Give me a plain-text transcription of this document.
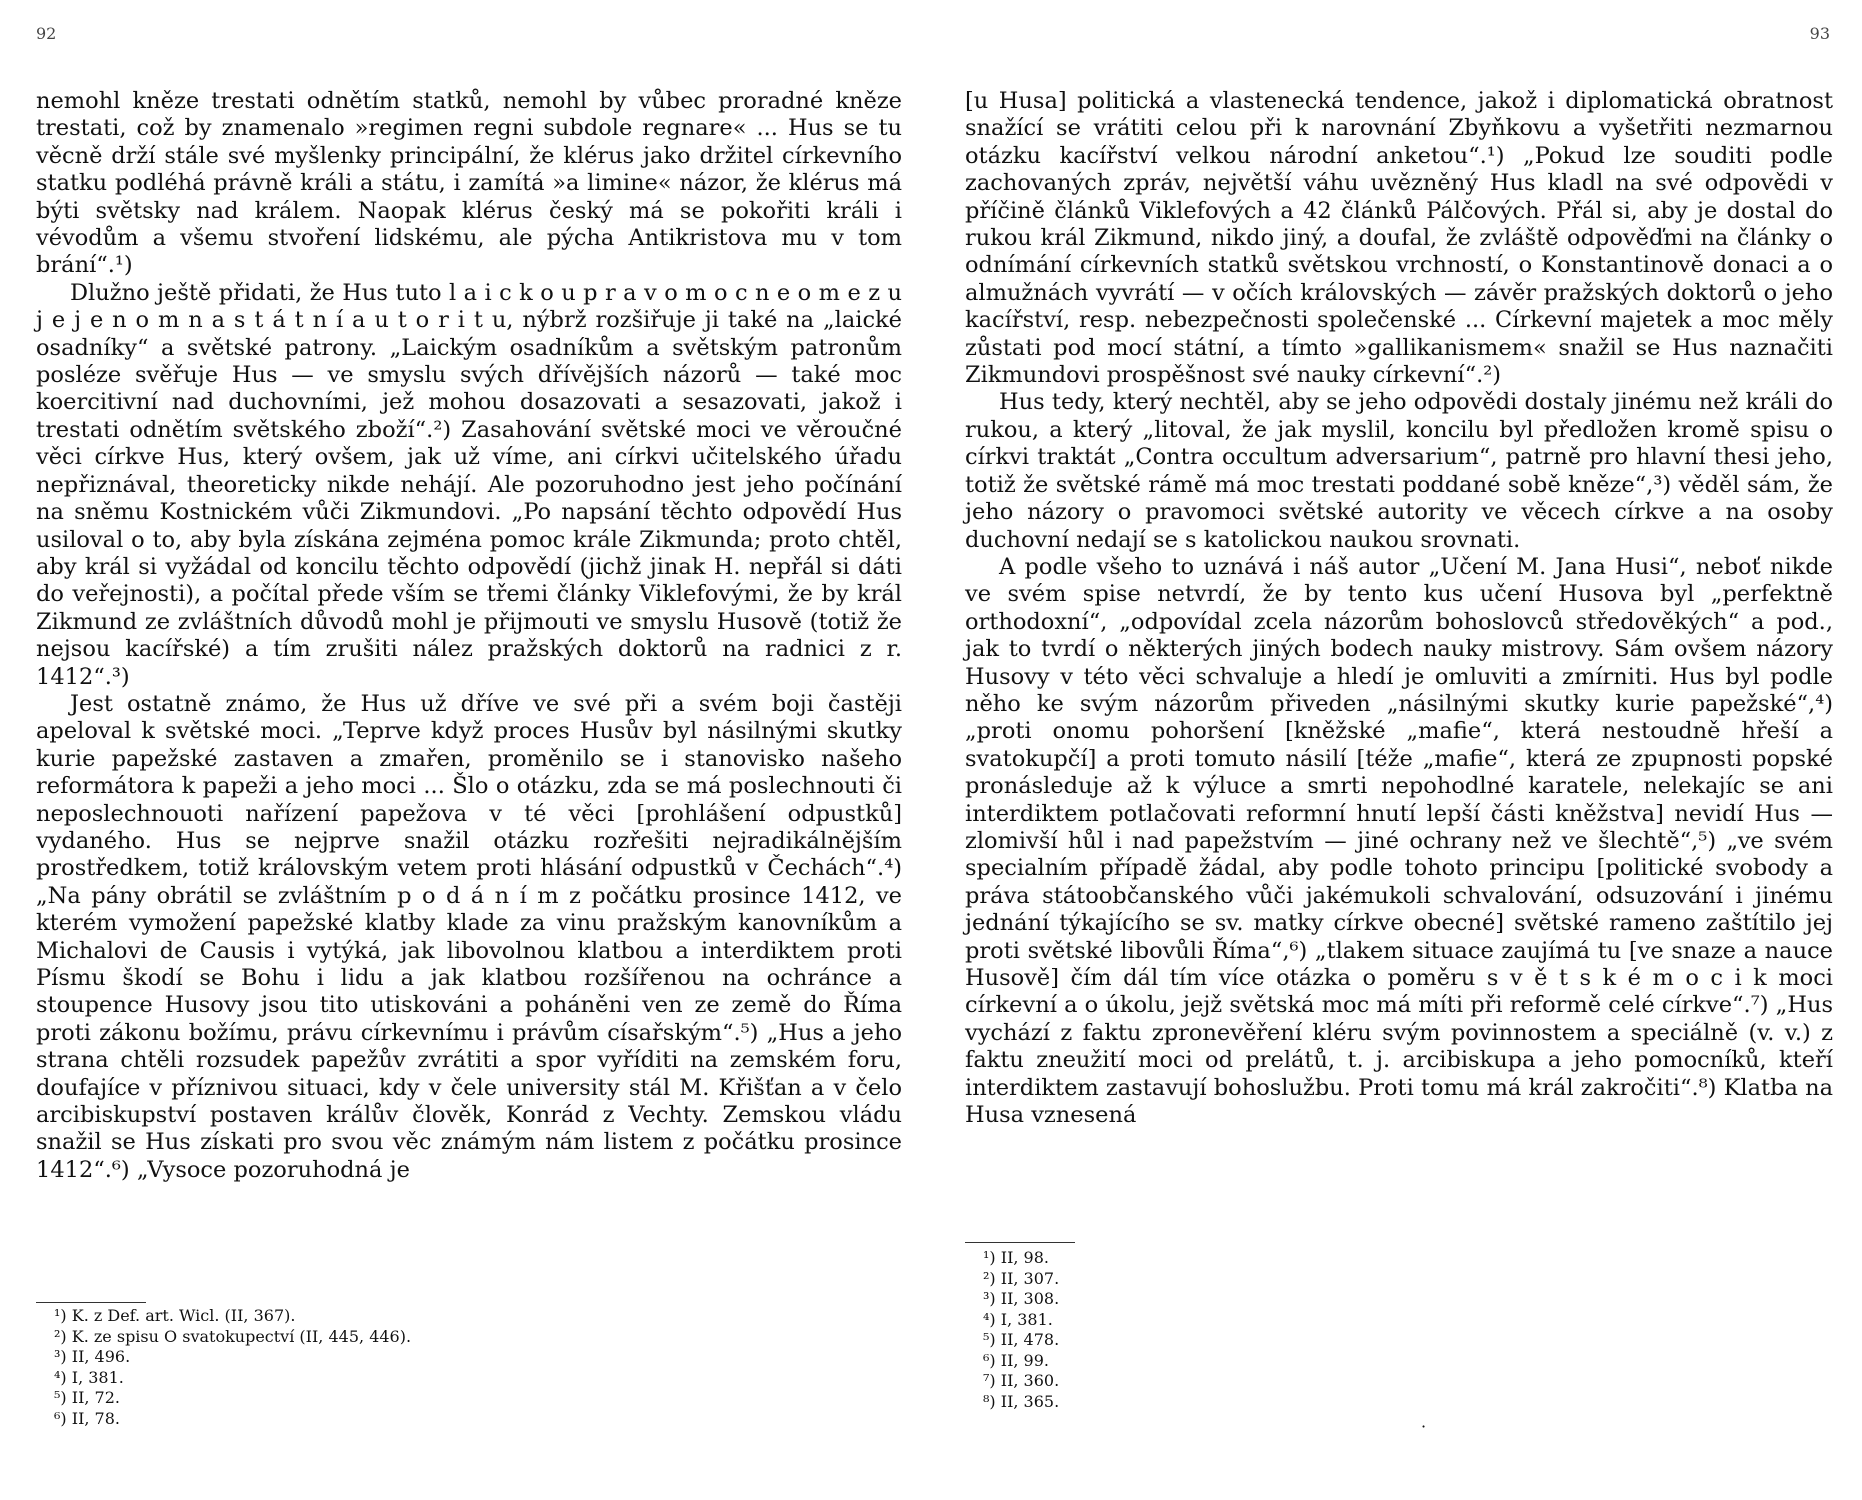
92

nemohl kněze trestati odnětím statků, nemohl by vůbec proradné kněze trestati, což by znamenalo »regimen regni subdole regnare« ... Hus se tu věcně drží stále své myšlenky principální, že klérus jako držitel církevního statku podléhá právně králi a státu, i zamítá »a limine« názor, že klérus má býti světsky nad králem. Naopak klérus český má se pokořiti králi i vévodům a všemu stvoření lidskému, ale pýcha Antikristova mu v tom brání“.¹)

Dlužno ještě přidati, že Hus tuto l a i c k o u p r a v o m o c n e o m e z u j e j e n o m n a s t á t n í a u t o r i t u, nýbrž rozšiřuje ji také na „laické osadníky“ a světské patrony. „Laickým osadníkům a světským patronům posléze svěřuje Hus — ve smyslu svých dřívějších názorů — také moc koercitivní nad duchovními, jež mohou dosazovati a sesazovati, jakož i trestati odnětím světského zboží“.²) Zasahování světské moci ve věroučné věci církve Hus, který ovšem, jak už víme, ani církvi učitelského úřadu nepřiznával, theoreticky nikde nehájí. Ale pozoruhodno jest jeho počínání na sněmu Kostnickém vůči Zikmundovi. „Po napsání těchto odpovědí Hus usiloval o to, aby byla získána zejména pomoc krále Zikmunda; proto chtěl, aby král si vyžádal od koncilu těchto odpovědí (jichž jinak H. nepřál si dáti do veřejnosti), a počítal přede vším se třemi články Viklefovými, že by král Zikmund ze zvláštních důvodů mohl je přijmouti ve smyslu Husově (totiž že nejsou kacířské) a tím zrušiti nález pražských doktorů na radnici z r. 1412“.³)

Jest ostatně známo, že Hus už dříve ve své při a svém boji častěji apeloval k světské moci. „Teprve když proces Husův byl násilnými skutky kurie papežské zastaven a zmařen, proměnilo se i stanovisko našeho reformátora k papeži a jeho moci ... Šlo o otázku, zda se má poslechnouti či neposlechnouoti nařízení papežova v té věci [prohlášení odpustků] vydaného. Hus se nejprve snažil otázku rozřešiti nejradikálnějším prostředkem, totiž královským vetem proti hlásání odpustků v Čechách“.⁴) „Na pány obrátil se zvláštním p o d á n í m z počátku prosince 1412, ve kterém vymožení papežské klatby klade za vinu pražským kanovníkům a Michalovi de Causis i vytýká, jak libovolnou klatbou a interdiktem proti Písmu škodí se Bohu i lidu a jak klatbou rozšířenou na ochránce a stoupence Husovy jsou tito utiskováni a poháněni ven ze země do Říma proti zákonu božímu, právu církevnímu i právům císařským“.⁵) „Hus a jeho strana chtěli rozsudek papežův zvrátiti a spor vyříditi na zemském foru, doufajíce v příznivou situaci, kdy v čele university stál M. Křišťan a v čelo arcibiskupství postaven králův člověk, Konrád z Vechty. Zemskou vládu snažil se Hus získati pro svou věc známým nám listem z počátku prosince 1412“.⁶) „Vysoce pozoruhodná je

¹) K. z Def. art. Wicl. (II, 367).
²) K. ze spisu O svatokupectví (II, 445, 446).
³) II, 496.
⁴) I, 381.
⁵) II, 72.
⁶) II, 78.
93

[u Husa] politická a vlastenecká tendence, jakož i diplomatická obratnost snažící se vrátiti celou při k narovnání Zbyňkovu a vyšetřiti nezmarnou otázku kacířství velkou národní anketou“.¹) „Pokud lze souditi podle zachovaných zpráv, největší váhu uvězněný Hus kladl na své odpovědi v příčině článků Viklefových a 42 článků Pálčových. Přál si, aby je dostal do rukou král Zikmund, nikdo jiný, a doufal, že zvláště odpověďmi na články o odnímání církevních statků světskou vrchností, o Konstantinově donaci a o almužnách vyvrátí — v očích královských — závěr pražských doktorů o jeho kacířství, resp. nebezpečnosti společenské ... Církevní majetek a moc měly zůstati pod mocí státní, a tímto »gallikanismem« snažil se Hus naznačiti Zikmundovi prospěšnost své nauky církevní“.²)

Hus tedy, který nechtěl, aby se jeho odpovědi dostaly jinému než králi do rukou, a který „litoval, že jak myslil, koncilu byl předložen kromě spisu o církvi traktát „Contra occultum adversarium“, patrně pro hlavní thesi jeho, totiž že světské rámě má moc trestati poddané sobě kněze“,³) věděl sám, že jeho názory o pravomoci světské autority ve věcech církve a na osoby duchovní nedají se s katolickou naukou srovnati.

A podle všeho to uznává i náš autor „Učení M. Jana Husi“, neboť nikde ve svém spise netvrdí, že by tento kus učení Husova byl „perfektně orthodoxní“, „odpovídal zcela názorům bohoslovců středověkých“ a pod., jak to tvrdí o některých jiných bodech nauky mistrovy. Sám ovšem názory Husovy v této věci schvaluje a hledí je omluviti a zmírniti. Hus byl podle něho ke svým názorům přiveden „násilnými skutky kurie papežské“,⁴) „proti onomu pohoršení [kněžské „mafie“, která nestoudně hřeší a svatokupčí] a proti tomuto násilí [téže „mafie“, která ze zpupnosti popské pronásleduje až k výluce a smrti nepohodlné karatele, nelekajíc se ani interdiktem potlačovati reformní hnutí lepší části kněžstva] nevidí Hus — zlomivší hůl i nad papežstvím — jiné ochrany než ve šlechtě“,⁵) „ve svém specialním případě žádal, aby podle tohoto principu [politické svobody a práva státoobčanského vůči jakémukoli schvalování, odsuzování i jinému jednání týkajícího se sv. matky církve obecné] světské rameno zaštítilo jej proti světské libovůli Říma“,⁶) „tlakem situace zaujímá tu [ve snaze a nauce Husově] čím dál tím více otázka o poměru s v ě t s k é m o c i k moci církevní a o úkolu, jejž světská moc má míti při reformě celé církve“.⁷) „Hus vychází z faktu zpronevěření kléru svým povinnostem a speciálně (v. v.) z faktu zneužití moci od prelátů, t. j. arcibiskupa a jeho pomocníků, kteří interdiktem zastavují bohoslužbu. Proti tomu má král zakročiti“.⁸) Klatba na Husa vznesená

¹) II, 98.
²) II, 307.
³) II, 308.
⁴) I, 381.
⁵) II, 478.
⁶) II, 99.
⁷) II, 360.
⁸) II, 365.
·
